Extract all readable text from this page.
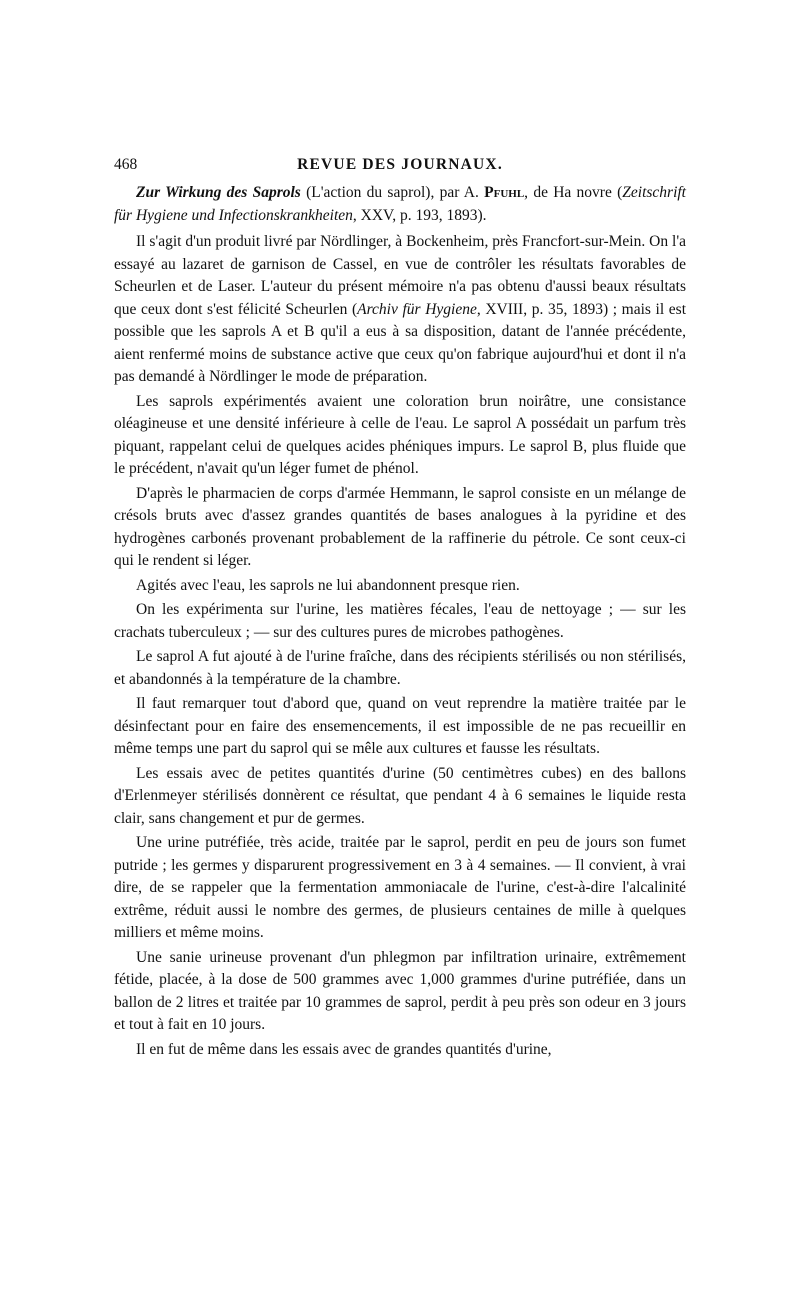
468	REVUE DES JOURNAUX.

Zur Wirkung des Saprols (L'action du saprol), par A. Pfuhl, de Ha novre (Zeitschrift für Hygiene und Infectionskrankheiten, XXV, p. 193, 1893).

Il s'agit d'un produit livré par Nördlinger, à Bockenheim, près Francfort-sur-Mein. On l'a essayé au lazaret de garnison de Cassel, en vue de contrôler les résultats favorables de Scheurlen et de Laser. L'auteur du présent mémoire n'a pas obtenu d'aussi beaux résultats que ceux dont s'est félicité Scheurlen (Archiv für Hygiene, XVIII, p. 35, 1893) ; mais il est possible que les saprols A et B qu'il a eus à sa disposition, datant de l'année précédente, aient renfermé moins de substance active que ceux qu'on fabrique aujourd'hui et dont il n'a pas demandé à Nördlinger le mode de préparation.

Les saprols expérimentés avaient une coloration brun noirâtre, une consistance oléagineuse et une densité inférieure à celle de l'eau. Le saprol A possédait un parfum très piquant, rappelant celui de quelques acides phéniques impurs. Le saprol B, plus fluide que le précédent, n'avait qu'un léger fumet de phénol.

D'après le pharmacien de corps d'armée Hemmann, le saprol consiste en un mélange de crésols bruts avec d'assez grandes quantités de bases analogues à la pyridine et des hydrogènes carbonés provenant probablement de la raffinerie du pétrole. Ce sont ceux-ci qui le rendent si léger.

Agités avec l'eau, les saprols ne lui abandonnent presque rien.

On les expérimenta sur l'urine, les matières fécales, l'eau de nettoyage ; — sur les crachats tuberculeux ; — sur des cultures pures de microbes pathogènes.

Le saprol A fut ajouté à de l'urine fraîche, dans des récipients stérilisés ou non stérilisés, et abandonnés à la température de la chambre.

Il faut remarquer tout d'abord que, quand on veut reprendre la matière traitée par le désinfectant pour en faire des ensemencements, il est impossible de ne pas recueillir en même temps une part du saprol qui se mêle aux cultures et fausse les résultats.

Les essais avec de petites quantités d'urine (50 centimètres cubes) en des ballons d'Erlenmeyer stérilisés donnèrent ce résultat, que pendant 4 à 6 semaines le liquide resta clair, sans changement et pur de germes.

Une urine putréfiée, très acide, traitée par le saprol, perdit en peu de jours son fumet putride ; les germes y disparurent progressivement en 3 à 4 semaines. — Il convient, à vrai dire, de se rappeler que la fermentation ammoniacale de l'urine, c'est-à-dire l'alcalinité extrême, réduit aussi le nombre des germes, de plusieurs centaines de mille à quelques milliers et même moins.

Une sanie urineuse provenant d'un phlegmon par infiltration urinaire, extrêmement fétide, placée, à la dose de 500 grammes avec 1,000 grammes d'urine putréfiée, dans un ballon de 2 litres et traitée par 10 grammes de saprol, perdit à peu près son odeur en 3 jours et tout à fait en 10 jours.

Il en fut de même dans les essais avec de grandes quantités d'urine,
